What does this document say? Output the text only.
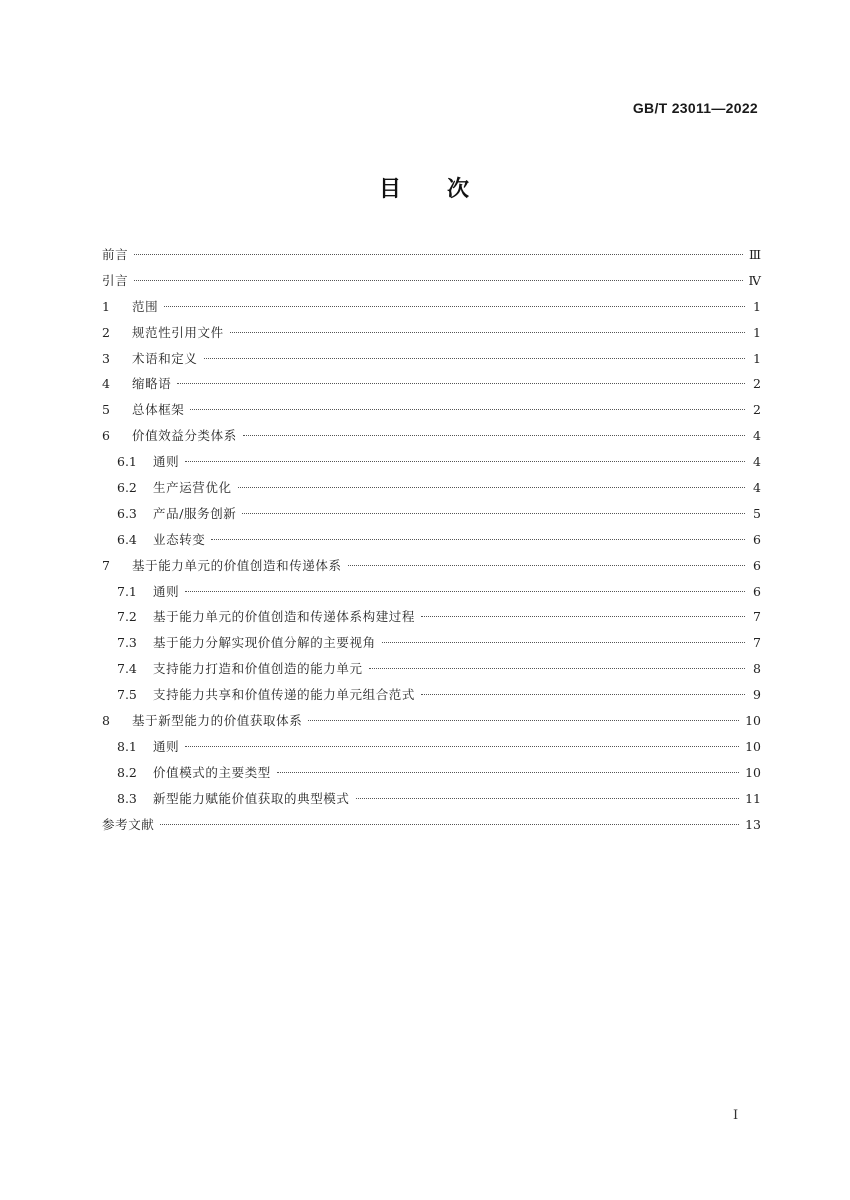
GB/T 23011—2022
目 次
前言	Ⅲ
引言	Ⅳ
1	范围	1
2	规范性引用文件	1
3	术语和定义	1
4	缩略语	2
5	总体框架	2
6	价值效益分类体系	4
6.1	通则	4
6.2	生产运营优化	4
6.3	产品/服务创新	5
6.4	业态转变	6
7	基于能力单元的价值创造和传递体系	6
7.1	通则	6
7.2	基于能力单元的价值创造和传递体系构建过程	7
7.3	基于能力分解实现价值分解的主要视角	7
7.4	支持能力打造和价值创造的能力单元	8
7.5	支持能力共享和价值传递的能力单元组合范式	9
8	基于新型能力的价值获取体系	10
8.1	通则	10
8.2	价值模式的主要类型	10
8.3	新型能力赋能价值获取的典型模式	11
参考文献	13
Ⅰ
